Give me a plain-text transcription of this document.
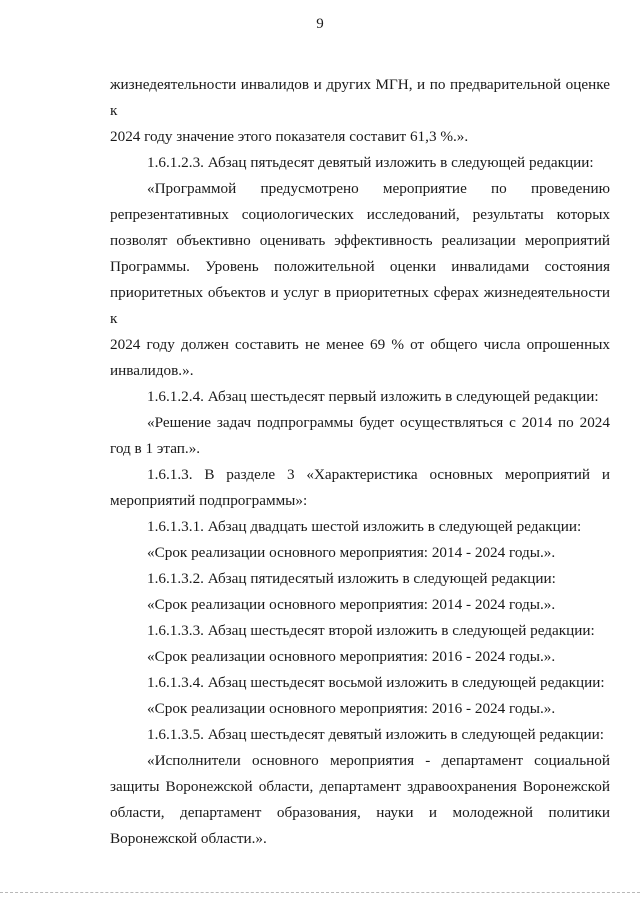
9
жизнедеятельности инвалидов и других МГН, и по предварительной оценке к
2024 году значение этого показателя составит 61,3 %.».
1.6.1.2.3. Абзац пятьдесят девятый изложить в следующей редакции:
«Программой предусмотрено мероприятие по проведению
репрезентативных социологических исследований, результаты которых
позволят объективно оценивать эффективность реализации мероприятий
Программы. Уровень положительной оценки инвалидами состояния
приоритетных объектов и услуг в приоритетных сферах жизнедеятельности к
2024 году должен составить не менее 69 % от общего числа опрошенных
инвалидов.».
1.6.1.2.4. Абзац шестьдесят первый изложить в следующей редакции:
«Решение задач подпрограммы будет осуществляться с 2014 по 2024
год в 1 этап.».
1.6.1.3. В разделе 3 «Характеристика основных мероприятий и
мероприятий подпрограммы»:
1.6.1.3.1. Абзац двадцать шестой изложить в следующей редакции:
«Срок реализации основного мероприятия: 2014 - 2024 годы.».
1.6.1.3.2. Абзац пятидесятый изложить в следующей редакции:
«Срок реализации основного мероприятия: 2014 - 2024 годы.».
1.6.1.3.3. Абзац шестьдесят второй изложить в следующей редакции:
«Срок реализации основного мероприятия: 2016 - 2024 годы.».
1.6.1.3.4. Абзац шестьдесят восьмой изложить в следующей редакции:
«Срок реализации основного мероприятия: 2016 - 2024 годы.».
1.6.1.3.5. Абзац шестьдесят девятый изложить в следующей редакции:
«Исполнители основного мероприятия - департамент социальной
защиты Воронежской области, департамент здравоохранения Воронежской
области, департамент образования, науки и молодежной политики
Воронежской области.».
